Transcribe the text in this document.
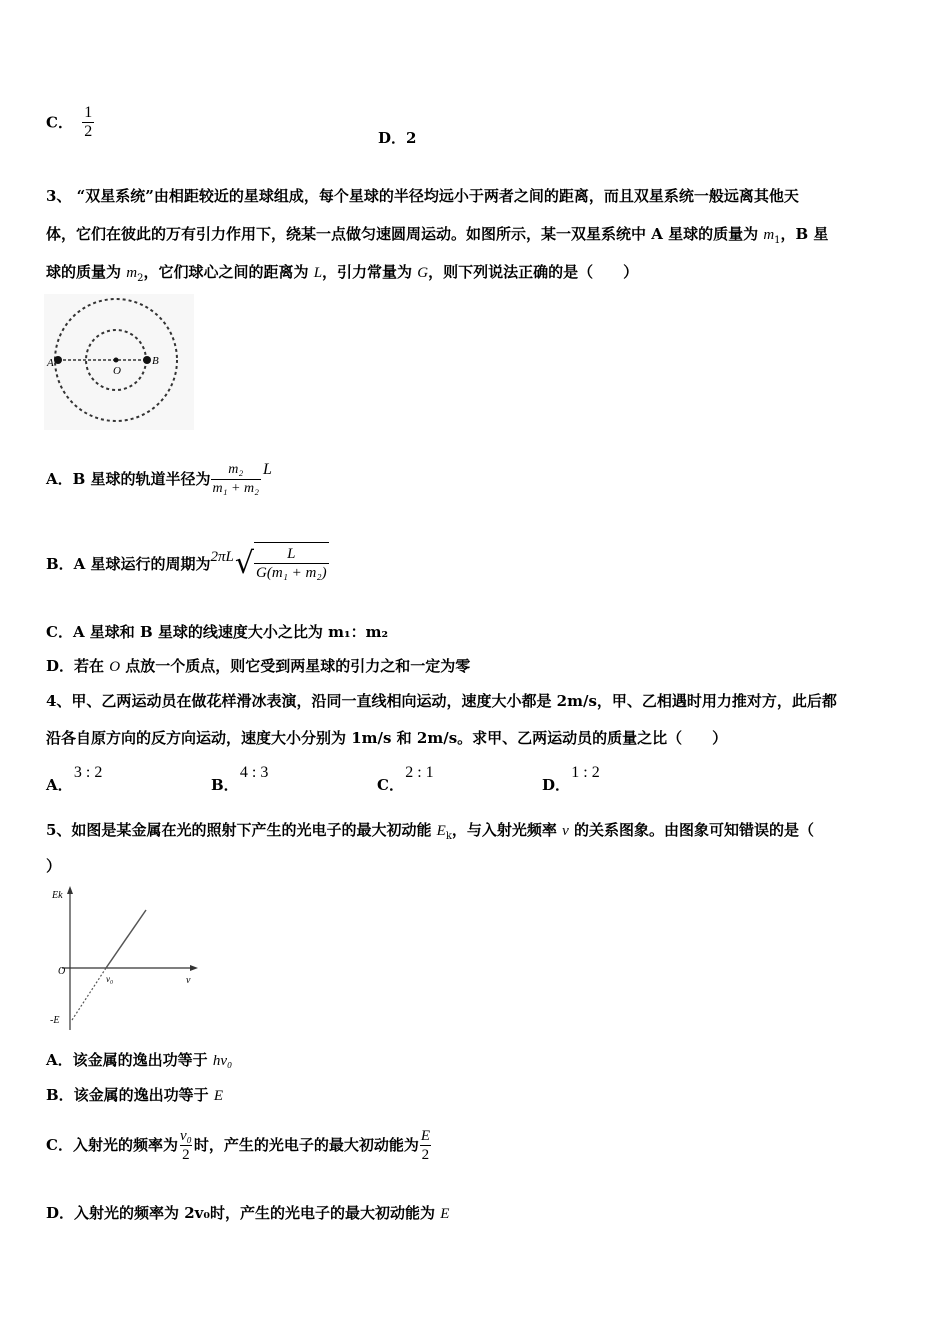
C． $\frac{1}{2}$	D．2
3、 “双星系统”由相距较近的星球组成，每个星球的半径均远小于两者之间的距离，而且双星系统一般远离其他天
体，它们在彼此的万有引力作用下，绕某一点做匀速圆周运动。如图所示，某一双星系统中 A 星球的质量为 $m_1$，B 星
球的质量为 $m_2$，它们球心之间的距离为 L，引力常量为 G，则下列说法正确的是（　　）
A	B
O
A．B 星球的轨道半径为 $\frac{\text{m₂}}{\text{m₁ + m₂}}$ L
B．A 星球运行的周期为 2πL √ $\frac{L}{\text{G(m₁ + m₂)}}$
C．A 星球和 B 星球的线速度大小之比为 m₁：m₂
D．若在 O 点放一个质点，则它受到两星球的引力之和一定为零
4、甲、乙两运动员在做花样滑冰表演，沿同一直线相向运动，速度大小都是 2m/s，甲、乙相遇时用力推对方，此后都
沿各自原方向的反方向运动，速度大小分别为 1m/s 和 2m/s。求甲、乙两运动员的质量之比（　　）
A． 3 : 2
B． 4 : 3
C． 2 : 1
D． 1 : 2
5、如图是某金属在光的照射下产生的光电子的最大初动能 $E_k$，与入射光频率 v 的关系图象。由图象可知错误的是（
）
Ek
v
O
v₀
-E
A．该金属的逸出功等于 hv₀
B．该金属的逸出功等于 E
C．入射光的频率为 $\frac{\text{v₀}}{2}$ 时，产生的光电子的最大初动能为 $\frac{E}{2}$
D．入射光的频率为 2v₀时，产生的光电子的最大初动能为 E
